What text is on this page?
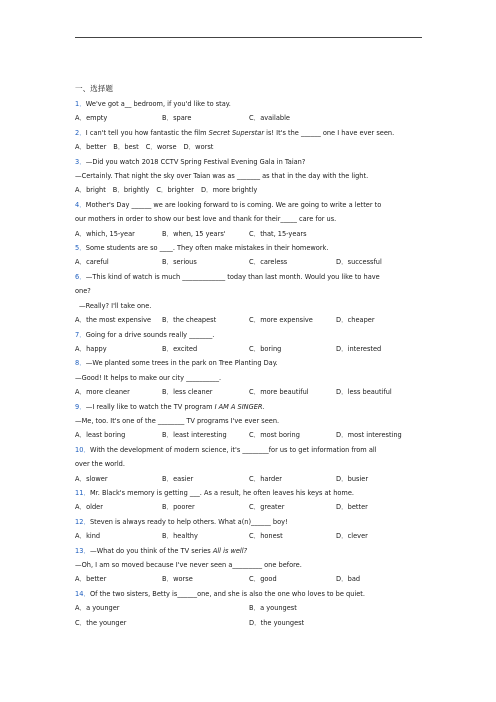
一、选择题
1．We've got a__ bedroom, if you'd like to stay.
A．empty	B．spare	C．available
2．I can't tell you how fantastic the film Secret Superstar is! It's the ______ one I have ever seen.
A．better B．best C．worse D．worst
3．—Did you watch 2018 CCTV Spring Festival Evening Gala in Taian?
—Certainly. That night the sky over Taian was as _______ as that in the day with the light.
A．bright B．brightly C．brighter D．more brightly
4．Mother's Day ______ we are looking forward to is coming. We are going to write a letter to
our mothers in order to show our best love and thank for their_____ care for us.
A．which, 15-year	B．when, 15 years'	C．that, 15-years
5．Some students are so ____. They often make mistakes in their homework.
A．careful	B．serious	C．careless	D．successful
6．—This kind of watch is much _____________ today than last month. Would you like to have
one?
—Really? I'll take one.
A．the most expensive	B．the cheapest	C．more expensive	D．cheaper
7．Going for a drive sounds really _______.
A．happy	B．excited	C．boring	D．interested
8．—We planted some trees in the park on Tree Planting Day.
—Good! It helps to make our city __________.
A．more cleaner	B．less cleaner	C．more beautiful	D．less beautiful
9．—I really like to watch the TV program I AM A SINGER.
—Me, too. It's one of the ________ TV programs I've ever seen.
A．least boring	B．least interesting	C．most boring	D．most interesting
10．With the development of modern science, it's ________for us to get information from all
over the world.
A．slower	B．easier	C．harder	D．busier
11．Mr. Black's memory is getting ___. As a result, he often leaves his keys at home.
A．older	B．poorer	C．greater	D．better
12．Steven is always ready to help others. What a(n)______ boy!
A．kind	B．healthy	C．honest	D．clever
13．—What do you think of the TV series All is well?
—Oh, I am so moved because I've never seen a_________ one before.
A．better	B．worse	C．good	D．bad
14．Of the two sisters, Betty is______one, and she is also the one who loves to be quiet.
A．a younger	B．a youngest
C．the younger	D．the youngest
